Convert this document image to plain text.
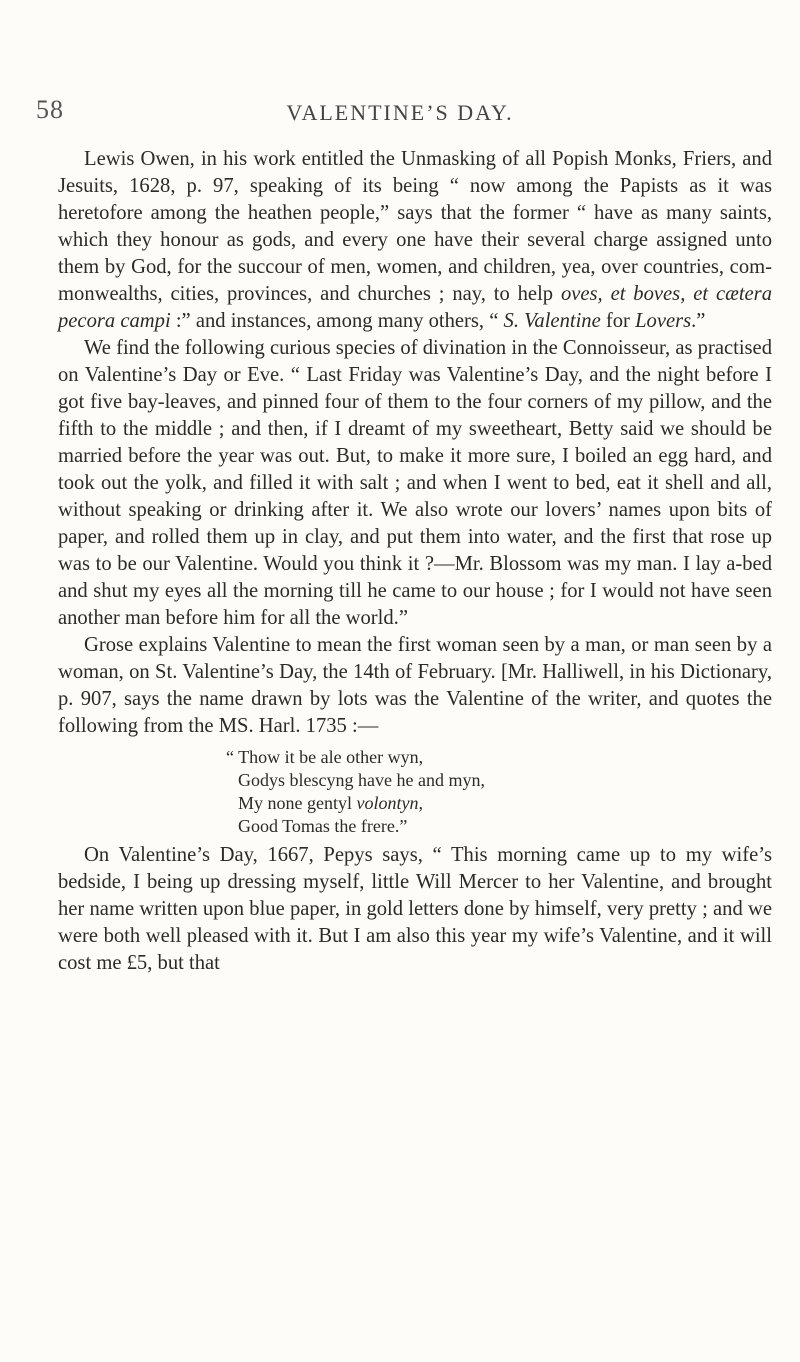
58	VALENTINE’S DAY.

Lewis Owen, in his work entitled the Unmasking of all Popish Monks, Friers, and Jesuits, 1628, p. 97, speaking of its being “ now among the Papists as it was heretofore among the heathen people,” says that the former “ have as many saints, which they honour as gods, and every one have their several charge assigned unto them by God, for the succour of men, women, and children, yea, over countries, commonwealths, cities, provinces, and churches ; nay, to help oves, et boves, et cætera pecora campi :” and instances, among many others, “ S. Valentine for Lovers.”

We find the following curious species of divination in the Connoisseur, as practised on Valentine’s Day or Eve. “ Last Friday was Valentine’s Day, and the night before I got five bay-leaves, and pinned four of them to the four corners of my pillow, and the fifth to the middle ; and then, if I dreamt of my sweetheart, Betty said we should be married before the year was out. But, to make it more sure, I boiled an egg hard, and took out the yolk, and filled it with salt ; and when I went to bed, eat it shell and all, without speaking or drinking after it. We also wrote our lovers’ names upon bits of paper, and rolled them up in clay, and put them into water, and the first that rose up was to be our Valentine. Would you think it ?—Mr. Blossom was my man. I lay a-bed and shut my eyes all the morning till he came to our house ; for I would not have seen another man before him for all the world.”

Grose explains Valentine to mean the first woman seen by a man, or man seen by a woman, on St. Valentine’s Day, the 14th of February. [Mr. Halliwell, in his Dictionary, p. 907, says the name drawn by lots was the Valentine of the writer, and quotes the following from the MS. Harl. 1735 :—

“ Thow it be ale other wyn,
Godys blescyng have he and myn,
My none gentyl volontyn,
Good Tomas the frere.”

On Valentine’s Day, 1667, Pepys says, “ This morning came up to my wife’s bedside, I being up dressing myself, little Will Mercer to her Valentine, and brought her name written upon blue paper, in gold letters done by himself, very pretty ; and we were both well pleased with it. But I am also this year my wife’s Valentine, and it will cost me £5, but that
